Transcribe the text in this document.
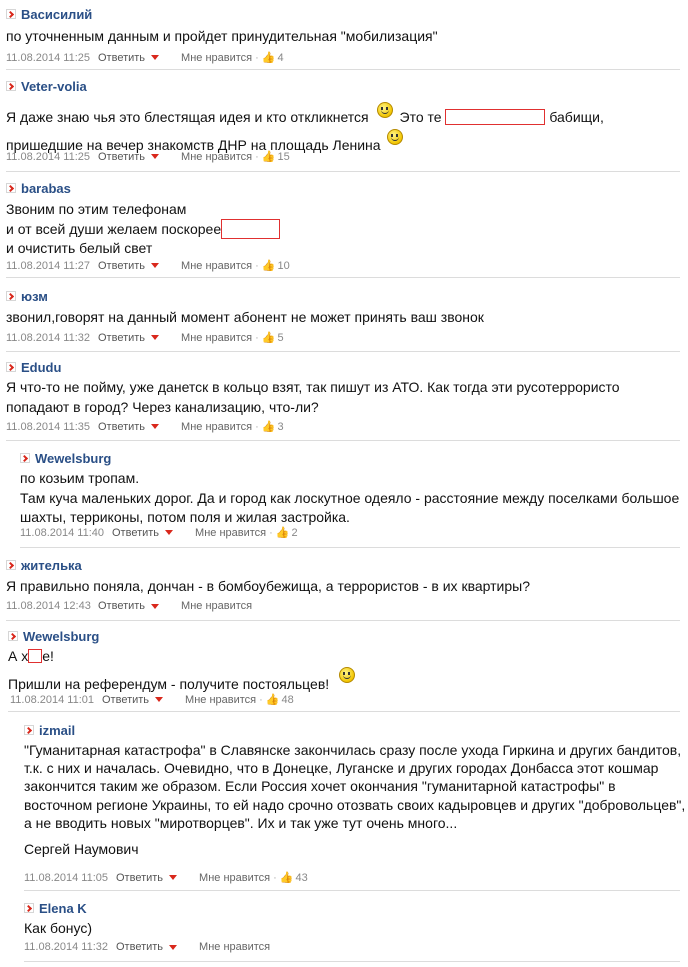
Васисилий
по уточненным данным и пройдет принудительная "мобилизация"
11.08.2014 11:25 Ответить	Мне нравится · 👍 4
Veter-volia
Я даже знаю чья это блестящая идея и кто откликнется Это те	бабищи,
пришедшие на вечер знакомств ДНР на площадь Ленина
11.08.2014 11:25 Ответить	Мне нравится · 👍 15
barabas
Звоним по этим телефонам
и от всей души желаем поскорее
и очистить белый свет
11.08.2014 11:27 Ответить	Мне нравится · 👍 10
юзм
звонил,говорят на данный момент абонент не может принять ваш звонок
11.08.2014 11:32 Ответить	Мне нравится · 👍 5
Edudu
Я что-то не пойму, уже данетск в кольцо взят, так пишут из АТО. Как тогда эти русотеррористо
попадают в город? Через канализацию, что-ли?
11.08.2014 11:35 Ответить	Мне нравится · 👍 3
Wewelsburg
по козьим тропам.
Там куча маленьких дорог. Да и город как лоскутное одеяло - расстояние между поселками большое
шахты, терриконы, потом поля и жилая застройка.
11.08.2014 11:40 Ответить	Мне нравится · 👍 2
жителька
Я правильно поняла, дончан - в бомбоубежища, а террористов - в их квартиры?
11.08.2014 12:43 Ответить	Мне нравится
Wewelsburg
А х е!
Пришли на референдум - получите постояльцев!
11.08.2014 11:01 Ответить	Мне нравится · 👍 48
izmail
"Гуманитарная катастрофа" в Славянске закончилась сразу после ухода Гиркина и других бандитов,
т.к. с них и началась. Очевидно, что в Донецке, Луганске и других городах Донбасса этот кошмар
закончится таким же образом. Если Россия хочет окончания "гуманитарной катастрофы" в
восточном регионе Украины, то ей надо срочно отозвать своих кадыровцев и других "добровольцев",
а не вводить новых "миротворцев". Их и так уже тут очень много...
Сергей Наумович
11.08.2014 11:05 Ответить	Мне нравится · 👍 43
Elena K
Как бонус)
11.08.2014 11:32 Ответить	Мне нравится
